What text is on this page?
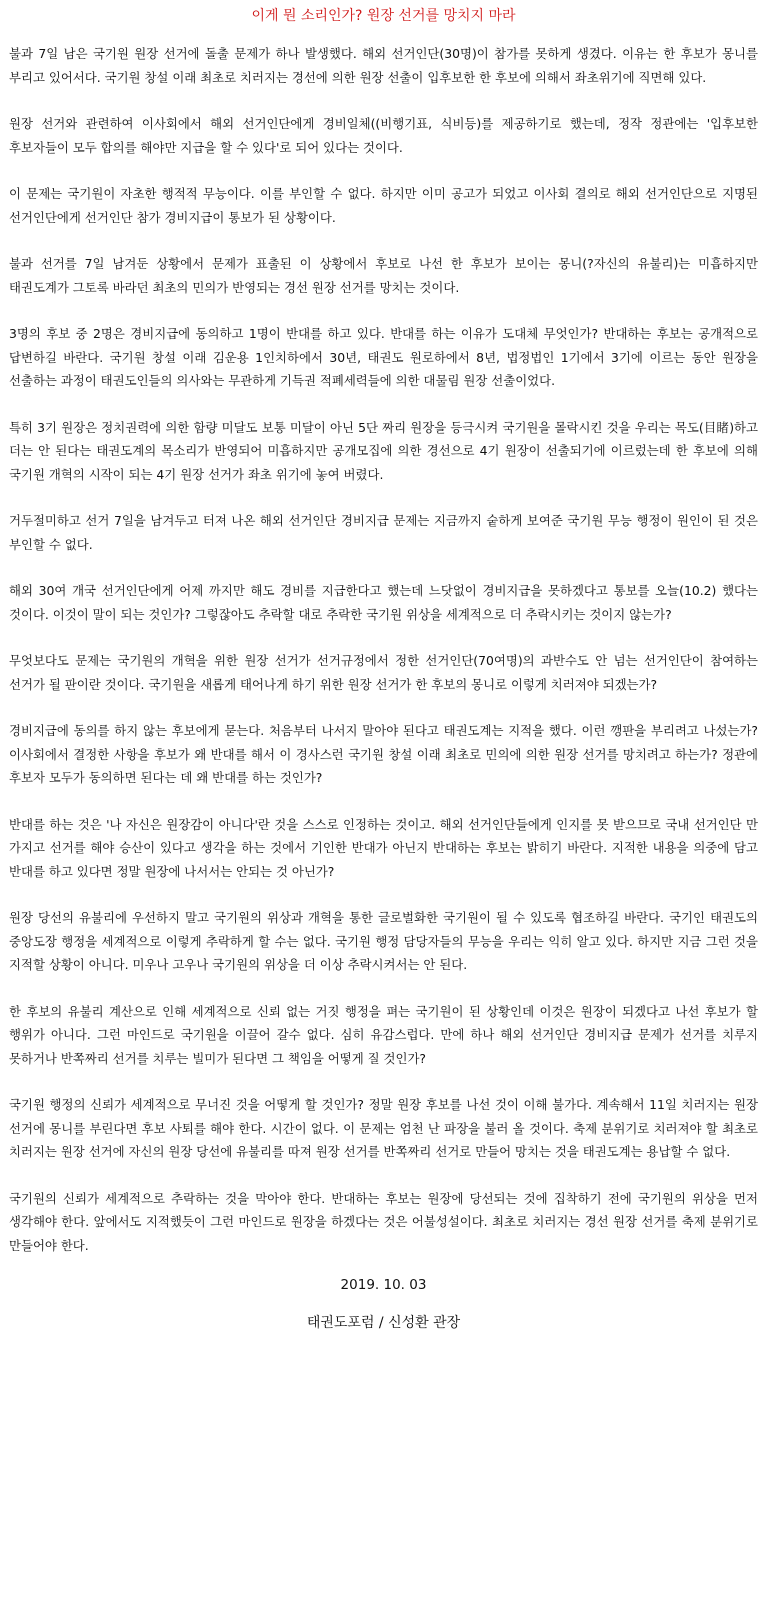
이게 뭔 소리인가? 원장 선거를 망치지 마라

불과 7일 남은 국기원 원장 선거에 돌출 문제가 하나 발생했다. 해외 선거인단(30명)이 참가를 못하게 생겼다. 이유는 한 후보가 몽니를 부리고 있어서다. 국기원 창설 이래 최초로 치러지는 경선에 의한 원장 선출이 입후보한 한 후보에 의해서 좌초위기에 직면해 있다.

원장 선거와 관련하여 이사회에서 해외 선거인단에게 경비일체((비행기표, 식비등)를 제공하기로 했는데, 정작 정관에는 '입후보한 후보자들이 모두 합의를 해야만 지급을 할 수 있다'로 되어 있다는 것이다.

이 문제는 국기원이 자초한 행적적 무능이다. 이를 부인할 수 없다. 하지만 이미 공고가 되었고 이사회 결의로 해외 선거인단으로 지명된 선거인단에게 선거인단 참가 경비지급이 통보가 된 상황이다.

불과 선거를 7일 남겨둔 상황에서 문제가 표출된 이 상황에서 후보로 나선 한 후보가 보이는 몽니(?자신의 유불리)는 미흡하지만 태권도계가 그토록 바라던 최초의 민의가 반영되는 경선 원장 선거를 망치는 것이다.

3명의 후보 중 2명은 경비지급에 동의하고 1명이 반대를 하고 있다. 반대를 하는 이유가 도대체 무엇인가? 반대하는 후보는 공개적으로 답변하길 바란다. 국기원 창설 이래 김운용 1인치하에서 30년, 태권도 원로하에서 8년, 법정법인 1기에서 3기에 이르는 동안 원장을 선출하는 과정이 태권도인들의 의사와는 무관하게 기득권 적폐세력들에 의한 대물림 원장 선출이었다.

특히 3기 원장은 정치권력에 의한 함량 미달도 보통 미달이 아닌 5단 짜리 원장을 등극시켜 국기원을 몰락시킨 것을 우리는 목도(目睹)하고 더는 안 된다는 태권도계의 목소리가 반영되어 미흡하지만 공개모집에 의한 경선으로 4기 원장이 선출되기에 이르렀는데 한 후보에 의해 국기원 개혁의 시작이 되는 4기 원장 선거가 좌초 위기에 놓여 버렸다.

거두절미하고 선거 7일을 남겨두고 터져 나온 해외 선거인단 경비지급 문제는 지금까지 숱하게 보여준 국기원 무능 행정이 원인이 된 것은 부인할 수 없다.

해외 30여 개국 선거인단에게 어제 까지만 해도 경비를 지급한다고 했는데 느닷없이 경비지급을 못하겠다고 통보를 오늘(10.2) 했다는 것이다. 이것이 말이 되는 것인가? 그렇잖아도 추락할 대로 추락한 국기원 위상을 세계적으로 더 추락시키는 것이지 않는가?

무엇보다도 문제는 국기원의 개혁을 위한 원장 선거가 선거규정에서 정한 선거인단(70여명)의 과반수도 안 넘는 선거인단이 참여하는 선거가 될 판이란 것이다. 국기원을 새롭게 태어나게 하기 위한 원장 선거가 한 후보의 몽니로 이렇게 치러져야 되겠는가?

경비지급에 동의를 하지 않는 후보에게 묻는다. 처음부터 나서지 말아야 된다고 태권도계는 지적을 했다. 이런 깽판을 부리려고 나섰는가? 이사회에서 결정한 사항을 후보가 왜 반대를 해서 이 경사스런 국기원 창설 이래 최초로 민의에 의한 원장 선거를 망치려고 하는가? 정관에 후보자 모두가 동의하면 된다는 데 왜 반대를 하는 것인가?

반대를 하는 것은 '나 자신은 원장감이 아니다'란 것을 스스로 인정하는 것이고. 해외 선거인단들에게 인지를 못 받으므로 국내 선거인단 만 가지고 선거를 해야 승산이 있다고 생각을 하는 것에서 기인한 반대가 아닌지 반대하는 후보는 밝히기 바란다. 지적한 내용을 의중에 담고 반대를 하고 있다면 정말 원장에 나서서는 안되는 것 아닌가?

원장 당선의 유불리에 우선하지 말고 국기원의 위상과 개혁을 통한 글로벌화한 국기원이 될 수 있도록 협조하길 바란다. 국기인 태권도의 중앙도장 행정을 세계적으로 이렇게 추락하게 할 수는 없다. 국기원 행정 담당자들의 무능을 우리는 익히 알고 있다. 하지만 지금 그런 것을 지적할 상황이 아니다. 미우나 고우나 국기원의 위상을 더 이상 추락시켜서는 안 된다.

한 후보의 유불리 계산으로 인해 세계적으로 신뢰 없는 거짓 행정을 펴는 국기원이 된 상황인데 이것은 원장이 되겠다고 나선 후보가 할 행위가 아니다. 그런 마인드로 국기원을 이끌어 갈수 없다. 심히 유감스럽다. 만에 하나 해외 선거인단 경비지급 문제가 선거를 치루지 못하거나 반쪽짜리 선거를 치루는 빌미가 된다면 그 책임을 어떻게 질 것인가?

국기원 행정의 신뢰가 세계적으로 무너진 것을 어떻게 할 것인가? 정말 원장 후보를 나선 것이 이해 불가다. 계속해서 11일 치러지는 원장 선거에 몽니를 부린다면 후보 사퇴를 해야 한다. 시간이 없다. 이 문제는 엄천 난 파장을 불러 올 것이다. 축제 분위기로 치러져야 할 최초로 치러지는 원장 선거에 자신의 원장 당선에 유불리를 따져 원장 선거를 반쪽짜리 선거로 만들어 망치는 것을 태권도계는 용납할 수 없다.

국기원의 신뢰가 세계적으로 추락하는 것을 막아야 한다. 반대하는 후보는 원장에 당선되는 것에 집착하기 전에 국기원의 위상을 먼저 생각해야 한다. 앞에서도 지적했듯이 그런 마인드로 원장을 하겠다는 것은 어불성설이다. 최초로 치러지는 경선 원장 선거를 축제 분위기로 만들어야 한다.

2019. 10. 03
태권도포럼 / 신성환 관장
